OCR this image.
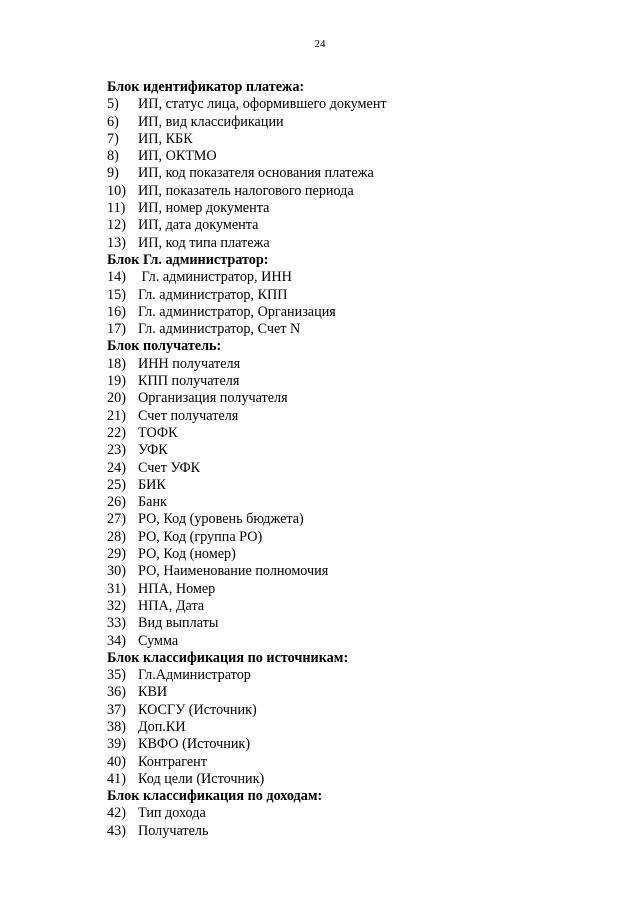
24
Блок идентификатор платежа:
5)	ИП, статус лица, оформившего документ
6)	ИП, вид классификации
7)	ИП, КБК
8)	ИП, ОКТМО
9)	ИП, код показателя основания платежа
10) ИП, показатель налогового периода
11) ИП, номер документа
12) ИП, дата документа
13) ИП, код типа платежа
Блок Гл. администратор:
14) Гл. администратор, ИНН
15) Гл. администратор, КПП
16) Гл. администратор, Организация
17) Гл. администратор, Счет N
Блок получатель:
18) ИНН получателя
19) КПП получателя
20) Организация получателя
21) Счет получателя
22) ТОФК
23) УФК
24) Счет УФК
25) БИК
26) Банк
27) РО, Код (уровень бюджета)
28) РО, Код (группа РО)
29) РО, Код (номер)
30) РО, Наименование полномочия
31) НПА, Номер
32) НПА, Дата
33) Вид выплаты
34) Сумма
Блок классификация по источникам:
35) Гл.Администратор
36) КВИ
37) КОСГУ (Источник)
38) Доп.КИ
39) КВФО (Источник)
40) Контрагент
41) Код цели (Источник)
Блок классификация по доходам:
42) Тип дохода
43) Получатель
